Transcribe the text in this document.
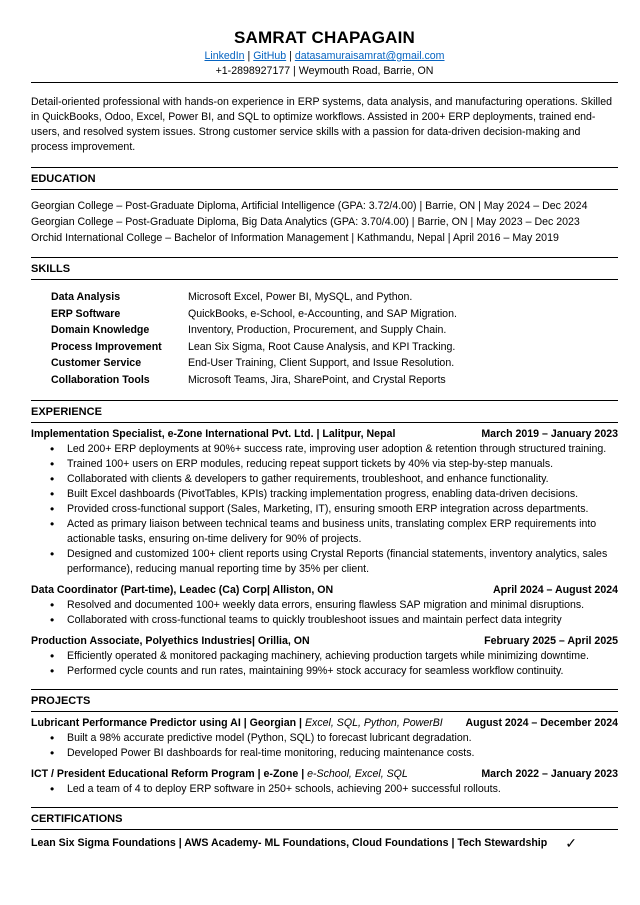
SAMRAT CHAPAGAIN
LinkedIn | GitHub | datasamuraisamrat@gmail.com
+1-2898927177 | Weymouth Road, Barrie, ON
Detail-oriented professional with hands-on experience in ERP systems, data analysis, and manufacturing operations. Skilled in QuickBooks, Odoo, Excel, Power BI, and SQL to optimize workflows. Assisted in 200+ ERP deployments, trained end-users, and resolved system issues. Strong customer service skills with a passion for data-driven decision-making and process improvement.
EDUCATION
Georgian College – Post-Graduate Diploma, Artificial Intelligence (GPA: 3.72/4.00) | Barrie, ON | May 2024 – Dec 2024
Georgian College – Post-Graduate Diploma, Big Data Analytics (GPA: 3.70/4.00) | Barrie, ON | May 2023 – Dec 2023
Orchid International College – Bachelor of Information Management | Kathmandu, Nepal | April 2016 – May 2019
SKILLS
Data Analysis	Microsoft Excel, Power BI, MySQL, and Python.
ERP Software	QuickBooks, e-School, e-Accounting, and SAP Migration.
Domain Knowledge	Inventory, Production, Procurement, and Supply Chain.
Process Improvement	Lean Six Sigma, Root Cause Analysis, and KPI Tracking.
Customer Service	End-User Training, Client Support, and Issue Resolution.
Collaboration Tools	Microsoft Teams, Jira, SharePoint, and Crystal Reports
EXPERIENCE
Implementation Specialist, e-Zone International Pvt. Ltd. | Lalitpur, Nepal	March 2019 – January 2023
• Led 200+ ERP deployments at 90%+ success rate, improving user adoption & retention through structured training.
• Trained 100+ users on ERP modules, reducing repeat support tickets by 40% via step-by-step manuals.
• Collaborated with clients & developers to gather requirements, troubleshoot, and enhance functionality.
• Built Excel dashboards (PivotTables, KPIs) tracking implementation progress, enabling data-driven decisions.
• Provided cross-functional support (Sales, Marketing, IT), ensuring smooth ERP integration across departments.
• Acted as primary liaison between technical teams and business units, translating complex ERP requirements into actionable tasks, ensuring on-time delivery for 90% of projects.
• Designed and customized 100+ client reports using Crystal Reports (financial statements, inventory analytics, sales performance), reducing manual reporting time by 35% per client.
Data Coordinator (Part-time), Leadec (Ca) Corp| Alliston, ON	April 2024 – August 2024
• Resolved and documented 100+ weekly data errors, ensuring flawless SAP migration and minimal disruptions.
• Collaborated with cross-functional teams to quickly troubleshoot issues and maintain perfect data integrity
Production Associate, Polyethics Industries| Orillia, ON	February 2025 – April 2025
• Efficiently operated & monitored packaging machinery, achieving production targets while minimizing downtime.
• Performed cycle counts and run rates, maintaining 99%+ stock accuracy for seamless workflow continuity.
PROJECTS
Lubricant Performance Predictor using AI | Georgian | Excel, SQL, Python, PowerBI August 2024 – December 2024
• Built a 98% accurate predictive model (Python, SQL) to forecast lubricant degradation.
• Developed Power BI dashboards for real-time monitoring, reducing maintenance costs.
ICT / President Educational Reform Program | e-Zone | e-School, Excel, SQL	March 2022 – January 2023
• Led a team of 4 to deploy ERP software in 250+ schools, achieving 200+ successful rollouts.
CERTIFICATIONS
Lean Six Sigma Foundations | AWS Academy- ML Foundations, Cloud Foundations | Tech Stewardship ✓
